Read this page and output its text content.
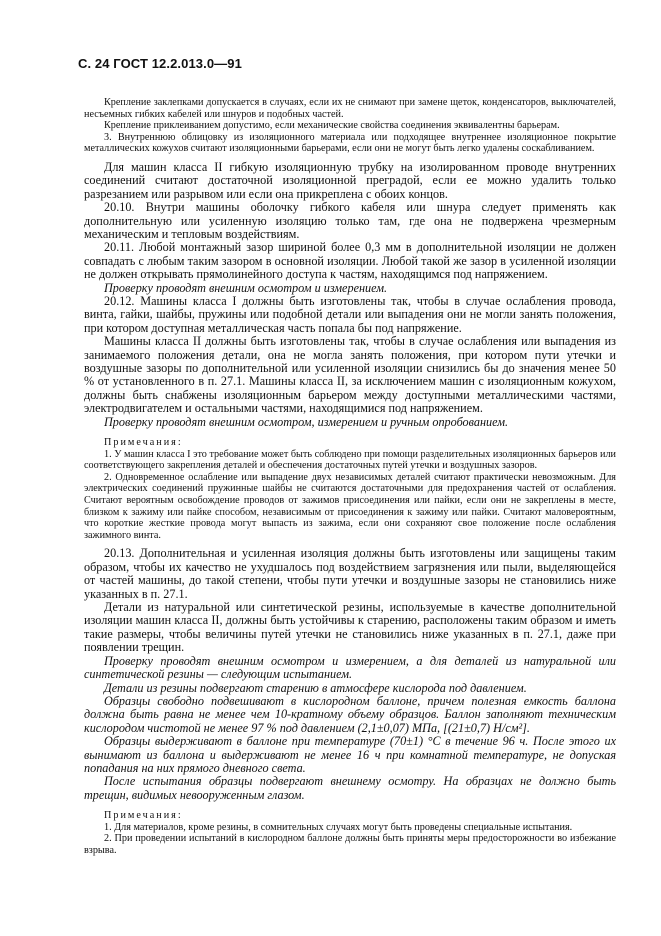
С. 24 ГОСТ 12.2.013.0—91

Крепление заклепками допускается в случаях, если их не снимают при замене щеток, конденсаторов, выключателей, несъемных гибких кабелей или шнуров и подобных частей.

Крепление приклеиванием допустимо, если механические свойства соединения эквивалентны барьерам.

3. Внутреннюю облицовку из изоляционного материала или подходящее внутреннее изоляционное покрытие металлических кожухов считают изоляционными барьерами, если они не могут быть легко удалены соскабливанием.

Для машин класса II гибкую изоляционную трубку на изолированном проводе внутренних соединений считают достаточной изоляционной преградой, если ее можно удалить только разрезанием или разрывом или если она прикреплена с обоих концов.

20.10. Внутри машины оболочку гибкого кабеля или шнура следует применять как дополнительную или усиленную изоляцию только там, где она не подвержена чрезмерным механическим и тепловым воздействиям.

20.11. Любой монтажный зазор шириной более 0,3 мм в дополнительной изоляции не должен совпадать с любым таким зазором в основной изоляции. Любой такой же зазор в усиленной изоляции не должен открывать прямолинейного доступа к частям, находящимся под напряжением.

Проверку проводят внешним осмотром и измерением.

20.12. Машины класса I должны быть изготовлены так, чтобы в случае ослабления провода, винта, гайки, шайбы, пружины или подобной детали или выпадения они не могли занять положения, при котором доступная металлическая часть попала бы под напряжение.

Машины класса II должны быть изготовлены так, чтобы в случае ослабления или выпадения из занимаемого положения детали, она не могла занять положения, при котором пути утечки и воздушные зазоры по дополнительной или усиленной изоляции снизились бы до значения менее 50 % от установленного в п. 27.1. Машины класса II, за исключением машин с изоляционным кожухом, должны быть снабжены изоляционным барьером между доступными металлическими частями, электродвигателем и остальными частями, находящимися под напряжением.

Проверку проводят внешним осмотром, измерением и ручным опробованием.

Примечания:

1. У машин класса I это требование может быть соблюдено при помощи разделительных изоляционных барьеров или соответствующего закрепления деталей и обеспечения достаточных путей утечки и воздушных зазоров.

2. Одновременное ослабление или выпадение двух независимых деталей считают практически невозможным. Для электрических соединений пружинные шайбы не считаются достаточными для предохранения частей от ослабления. Считают вероятным освобождение проводов от зажимов присоединения или пайки, если они не закреплены в месте, близком к зажиму или пайке способом, независимым от присоединения к зажиму или пайки. Считают маловероятным, что короткие жесткие провода могут выпасть из зажима, если они сохраняют свое положение после ослабления зажимного винта.

20.13. Дополнительная и усиленная изоляция должны быть изготовлены или защищены таким образом, чтобы их качество не ухудшалось под воздействием загрязнения или пыли, выделяющейся от частей машины, до такой степени, чтобы пути утечки и воздушные зазоры не становились ниже указанных в п. 27.1.

Детали из натуральной или синтетической резины, используемые в качестве дополнительной изоляции машин класса II, должны быть устойчивы к старению, расположены таким образом и иметь такие размеры, чтобы величины путей утечки не становились ниже указанных в п. 27.1, даже при появлении трещин.

Проверку проводят внешним осмотром и измерением, а для деталей из натуральной или синтетической резины — следующим испытанием.

Детали из резины подвергают старению в атмосфере кислорода под давлением.

Образцы свободно подвешивают в кислородном баллоне, причем полезная емкость баллона должна быть равна не менее чем 10-кратному объему образцов. Баллон заполняют техническим кислородом чистотой не менее 97 % под давлением (2,1±0,07) МПа, [(21±0,7) Н/см²].

Образцы выдерживают в баллоне при температуре (70±1) °С в течение 96 ч. После этого их вынимают из баллона и выдерживают не менее 16 ч при комнатной температуре, не допуская попадания на них прямого дневного света.

После испытания образцы подвергают внешнему осмотру. На образцах не должно быть трещин, видимых невооруженным глазом.

Примечания:

1. Для материалов, кроме резины, в сомнительных случаях могут быть проведены специальные испытания.

2. При проведении испытаний в кислородном баллоне должны быть приняты меры предосторожности во избежание взрыва.
